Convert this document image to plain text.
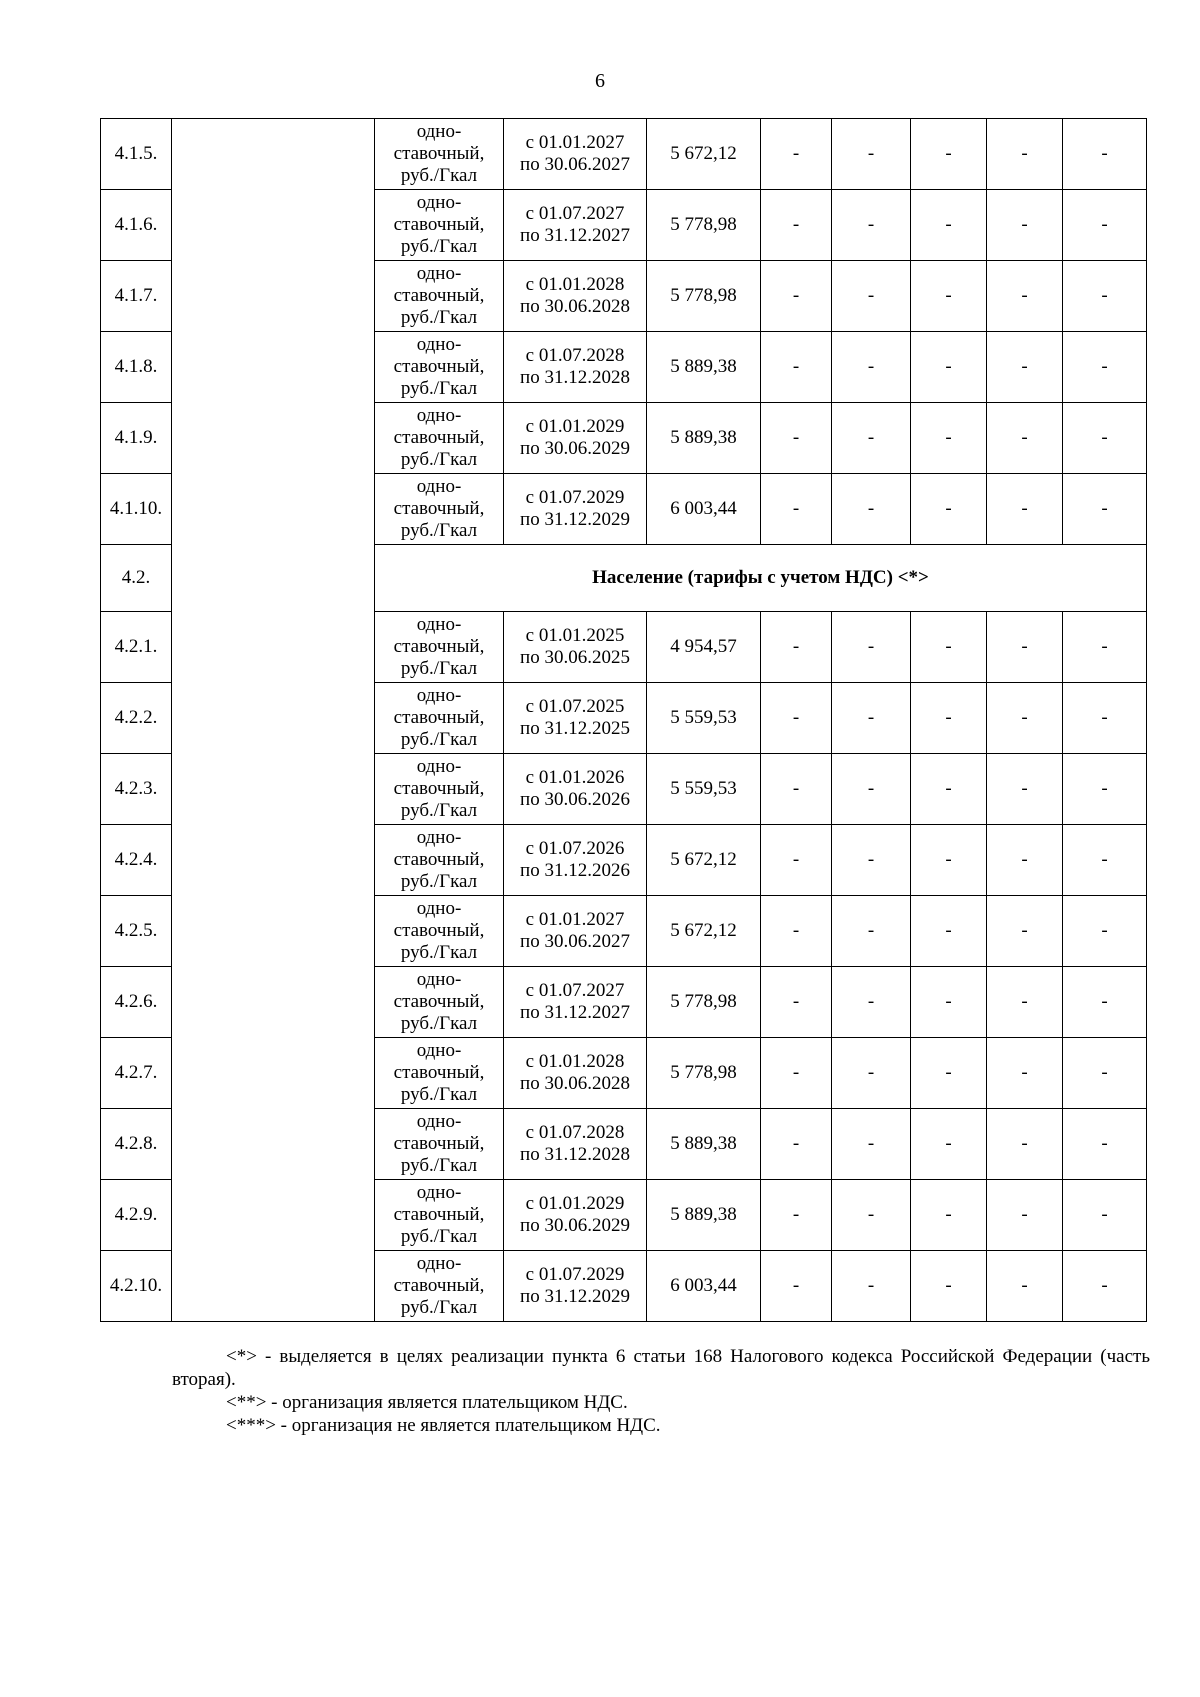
6
4.1.5.		одно-
ставочный,
руб./Гкал	с 01.01.2027
по 30.06.2027	5 672,12	-	-	-	-	-
4.1.6.		одно-
ставочный,
руб./Гкал	с 01.07.2027
по 31.12.2027	5 778,98	-	-	-	-	-
4.1.7.		одно-
ставочный,
руб./Гкал	с 01.01.2028
по 30.06.2028	5 778,98	-	-	-	-	-
4.1.8.		одно-
ставочный,
руб./Гкал	с 01.07.2028
по 31.12.2028	5 889,38	-	-	-	-	-
4.1.9.		одно-
ставочный,
руб./Гкал	с 01.01.2029
по 30.06.2029	5 889,38	-	-	-	-	-
4.1.10.		одно-
ставочный,
руб./Гкал	с 01.07.2029
по 31.12.2029	6 003,44	-	-	-	-	-
4.2.		Население (тарифы с учетом НДС) <*>							
4.2.1.		одно-
ставочный,
руб./Гкал	с 01.01.2025
по 30.06.2025	4 954,57	-	-	-	-	-
4.2.2.		одно-
ставочный,
руб./Гкал	с 01.07.2025
по 31.12.2025	5 559,53	-	-	-	-	-
4.2.3.		одно-
ставочный,
руб./Гкал	с 01.01.2026
по 30.06.2026	5 559,53	-	-	-	-	-
4.2.4.		одно-
ставочный,
руб./Гкал	с 01.07.2026
по 31.12.2026	5 672,12	-	-	-	-	-
4.2.5.		одно-
ставочный,
руб./Гкал	с 01.01.2027
по 30.06.2027	5 672,12	-	-	-	-	-
4.2.6.		одно-
ставочный,
руб./Гкал	с 01.07.2027
по 31.12.2027	5 778,98	-	-	-	-	-
4.2.7.		одно-
ставочный,
руб./Гкал	с 01.01.2028
по 30.06.2028	5 778,98	-	-	-	-	-
4.2.8.		одно-
ставочный,
руб./Гкал	с 01.07.2028
по 31.12.2028	5 889,38	-	-	-	-	-
4.2.9.		одно-
ставочный,
руб./Гкал	с 01.01.2029
по 30.06.2029	5 889,38	-	-	-	-	-
4.2.10.		одно-
ставочный,
руб./Гкал	с 01.07.2029
по 31.12.2029	6 003,44	-	-	-	-	-

<*> - выделяется в целях реализации пункта 6 статьи 168 Налогового кодекса Российской Федерации (часть вторая).

<**> - организация является плательщиком НДС.

<***> - организация не является плательщиком НДС.
